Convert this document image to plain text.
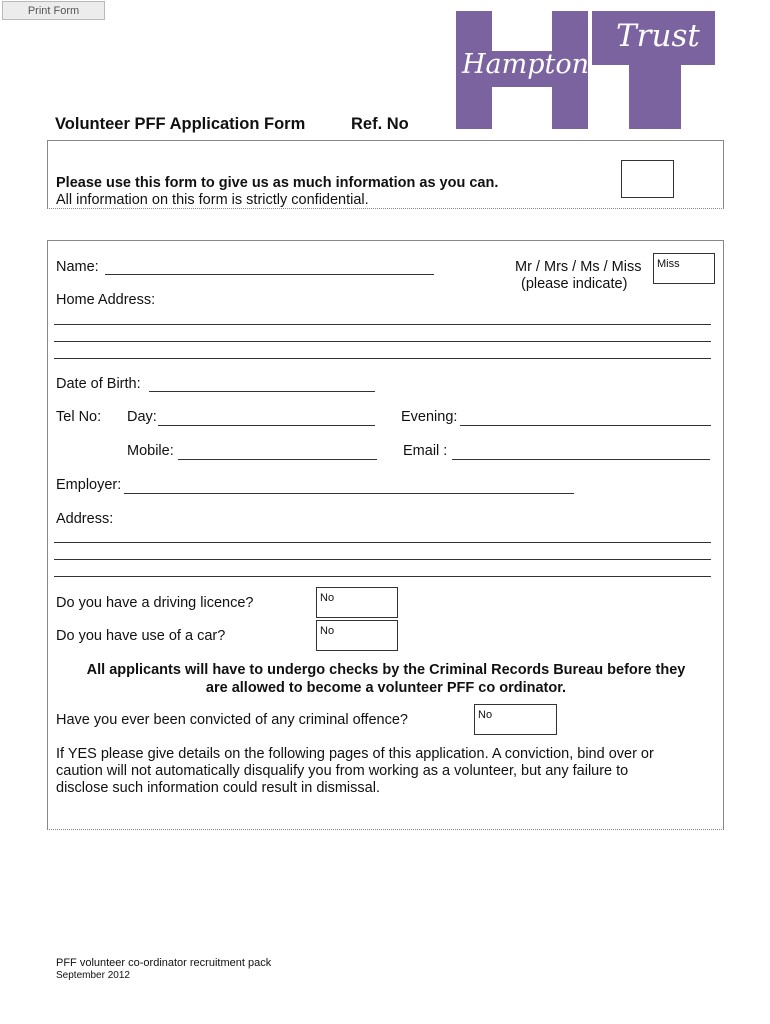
Print Form
Hampton
Trust
Volunteer PFF Application Form	Ref. No
Please use this form to give us as much information as you can.
All information on this form is strictly confidential.
Name:	Mr / Mrs / Ms / Miss	Miss
(please indicate)
Home Address:
Date of Birth:
Tel No: Day:	Evening:
Mobile:	Email :
Employer:
Address:
Do you have a driving licence?	No
Do you have use of a car?	No
All applicants will have to undergo checks by the Criminal Records Bureau before they
are allowed to become a volunteer PFF co ordinator.
Have you ever been convicted of any criminal offence?	No
If YES please give details on the following pages of this application. A conviction, bind over or
caution will not automatically disqualify you from working as a volunteer, but any failure to
disclose such information could result in dismissal.
PFF volunteer co-ordinator recruitment pack
September 2012
